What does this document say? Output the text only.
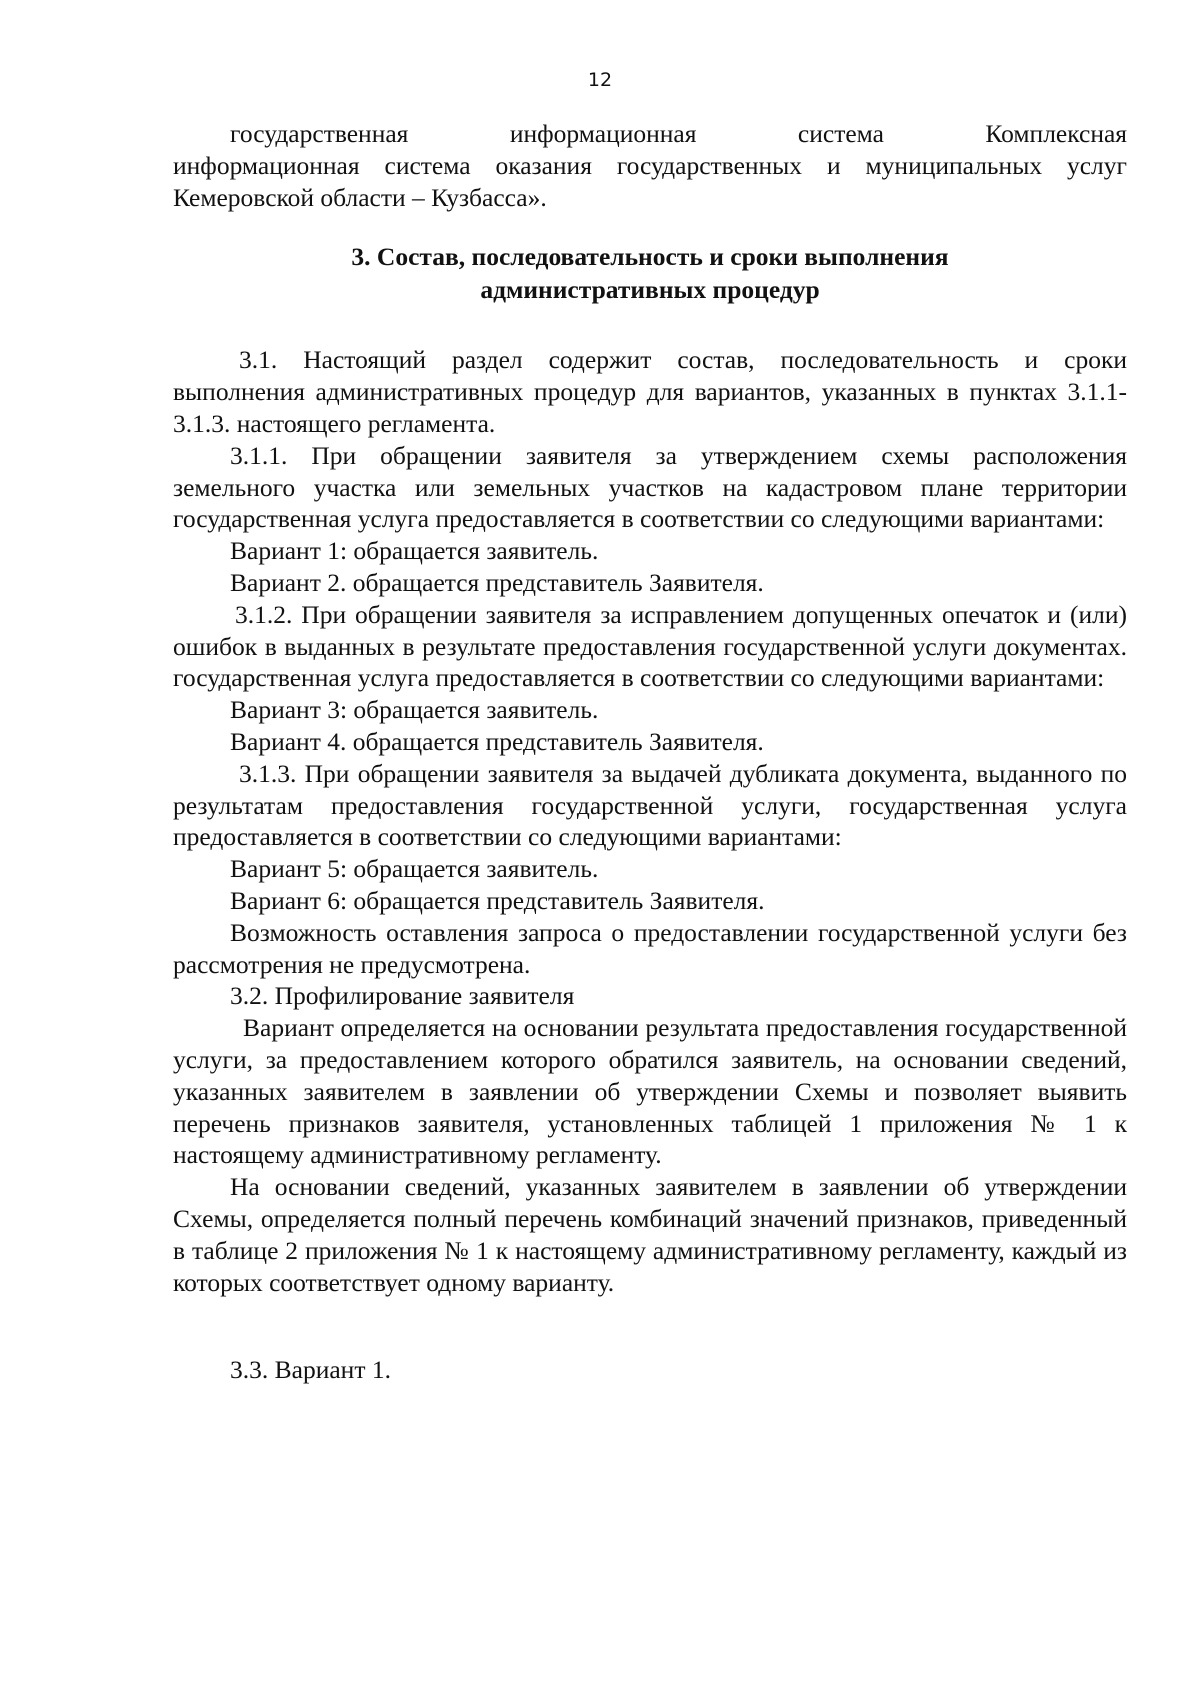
12

государственная	информационная	система	Комплексная

информационная система оказания государственных и муниципальных услуг Кемеровской области – Кузбасса».

3. Состав, последовательность и сроки выполнения
административных процедур

3.1. Настоящий раздел содержит состав, последовательность и сроки выполнения административных процедур для вариантов, указанных в пунктах 3.1.1- 3.1.3. настоящего регламента.

3.1.1. При обращении заявителя за утверждением схемы расположения земельного участка или земельных участков на кадастровом плане территории государственная услуга предоставляется в соответствии со следующими вариантами:

Вариант 1: обращается заявитель.

Вариант 2. обращается представитель Заявителя.

3.1.2. При обращении заявителя за исправлением допущенных опечаток и (или) ошибок в выданных в результате предоставления государственной услуги документах. государственная услуга предоставляется в соответствии со следующими вариантами:

Вариант 3: обращается заявитель.

Вариант 4. обращается представитель Заявителя.

3.1.3. При обращении заявителя за выдачей дубликата документа, выданного по результатам предоставления государственной услуги, государственная услуга предоставляется в соответствии со следующими вариантами:

Вариант 5: обращается заявитель.

Вариант 6: обращается представитель Заявителя.

Возможность оставления запроса о предоставлении государственной услуги без рассмотрения не предусмотрена.

3.2. Профилирование заявителя

Вариант определяется на основании результата предоставления государственной услуги, за предоставлением которого обратился заявитель, на основании сведений, указанных заявителем в заявлении об утверждении Схемы и позволяет выявить перечень признаков заявителя, установленных таблицей 1 приложения № 1 к настоящему административному регламенту.

На основании сведений, указанных заявителем в заявлении об утверждении Схемы, определяется полный перечень комбинаций значений признаков, приведенный в таблице 2 приложения № 1 к настоящему административному регламенту, каждый из которых соответствует одному варианту.

3.3. Вариант 1.
